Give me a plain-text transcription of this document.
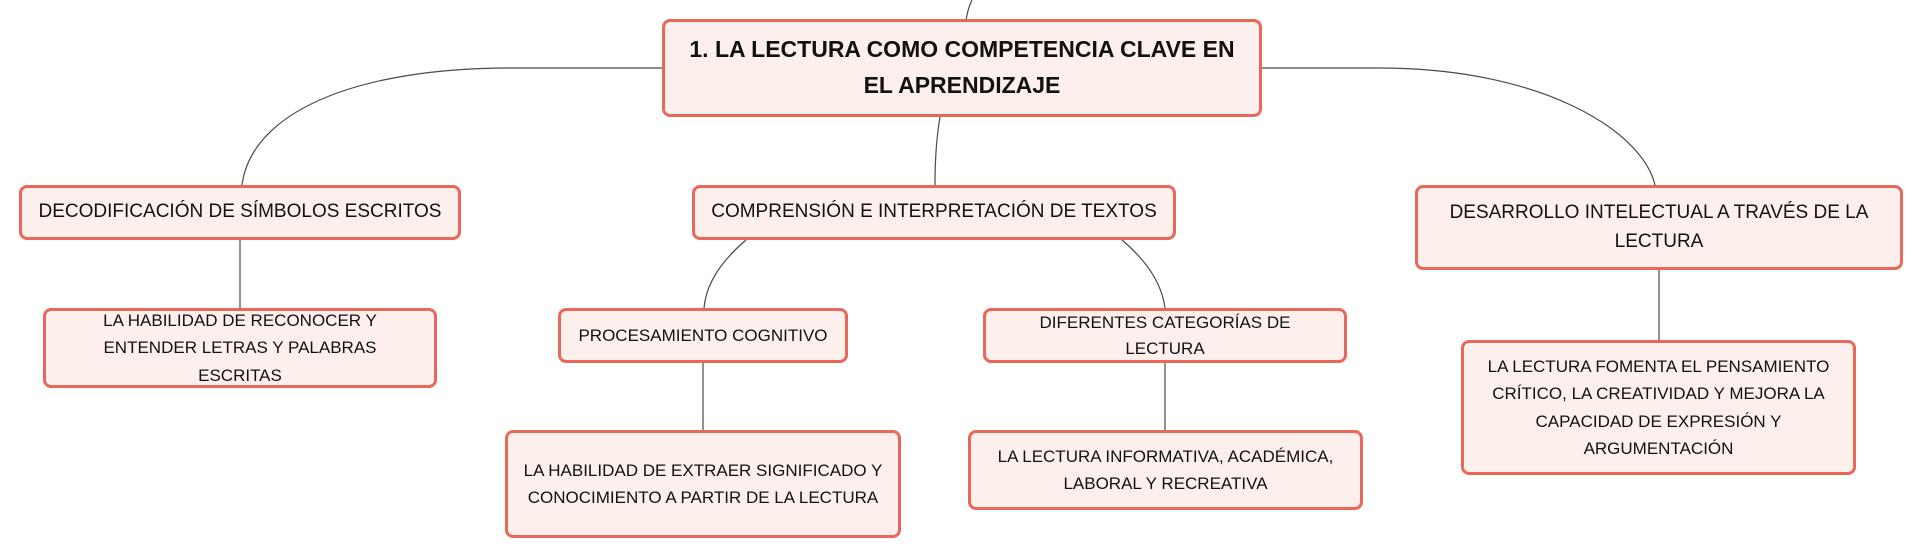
1. LA LECTURA COMO COMPETENCIA CLAVE EN EL APRENDIZAJE
DECODIFICACIÓN DE SÍMBOLOS ESCRITOS
LA HABILIDAD DE RECONOCER Y ENTENDER LETRAS Y PALABRAS ESCRITAS
COMPRENSIÓN E INTERPRETACIÓN DE TEXTOS
PROCESAMIENTO COGNITIVO
LA HABILIDAD DE EXTRAER SIGNIFICADO Y CONOCIMIENTO A PARTIR DE LA LECTURA
DIFERENTES CATEGORÍAS DE LECTURA
LA LECTURA INFORMATIVA, ACADÉMICA, LABORAL Y RECREATIVA
DESARROLLO INTELECTUAL A TRAVÉS DE LA LECTURA
LA LECTURA FOMENTA EL PENSAMIENTO CRÍTICO, LA CREATIVIDAD Y MEJORA LA CAPACIDAD DE EXPRESIÓN Y ARGUMENTACIÓN
